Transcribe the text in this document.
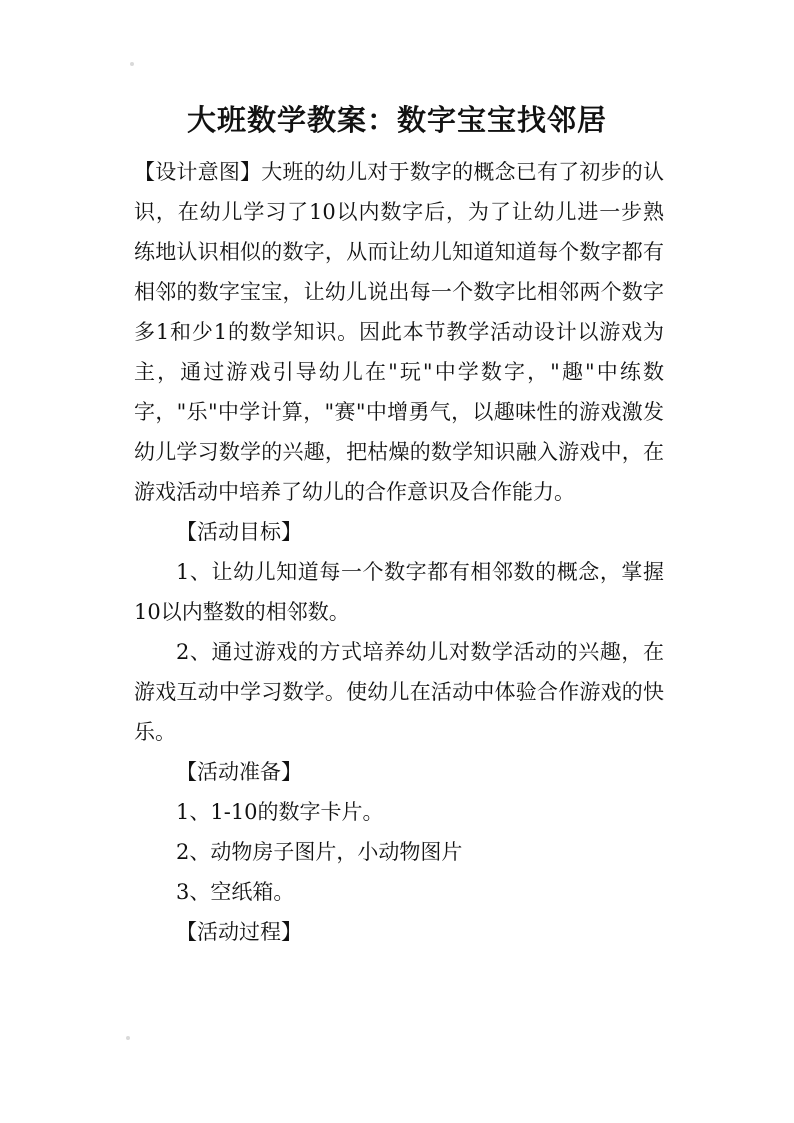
大班数学教案：数字宝宝找邻居

【设计意图】大班的幼儿对于数字的概念已有了初步的认识，在幼儿学习了10以内数字后，为了让幼儿进一步熟练地认识相似的数字，从而让幼儿知道知道每个数字都有相邻的数字宝宝，让幼儿说出每一个数字比相邻两个数字多1和少1的数学知识。因此本节教学活动设计以游戏为主，通过游戏引导幼儿在"玩"中学数字，"趣"中练数字，"乐"中学计算，"赛"中增勇气，以趣味性的游戏激发幼儿学习数学的兴趣，把枯燥的数学知识融入游戏中，在游戏活动中培养了幼儿的合作意识及合作能力。

【活动目标】

1、让幼儿知道每一个数字都有相邻数的概念，掌握10以内整数的相邻数。

2、通过游戏的方式培养幼儿对数学活动的兴趣，在游戏互动中学习数学。使幼儿在活动中体验合作游戏的快乐。

【活动准备】

1、1-10的数字卡片。

2、动物房子图片，小动物图片

3、空纸箱。

【活动过程】
